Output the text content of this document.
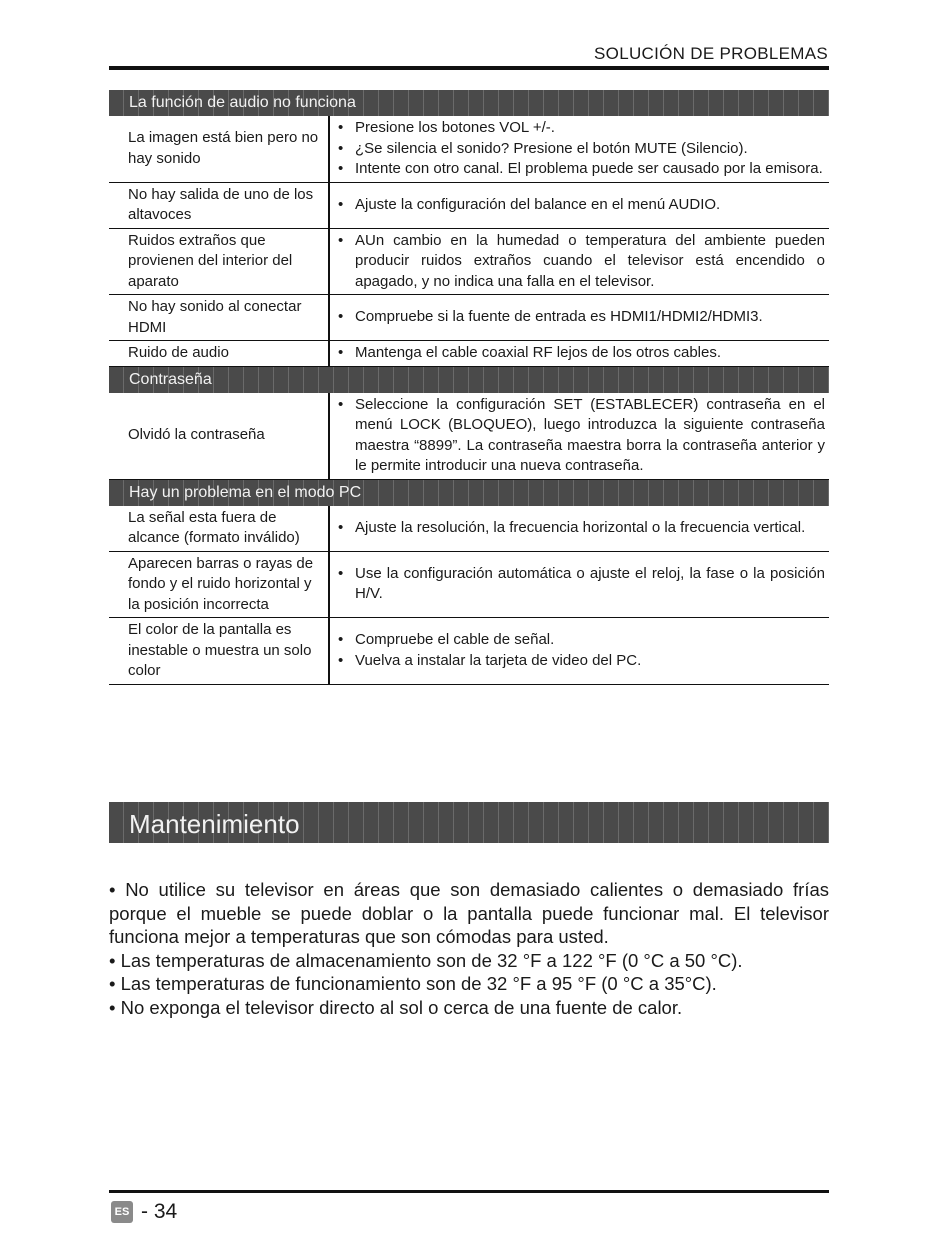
SOLUCIÓN DE PROBLEMAS
La función de audio no funciona
La imagen está bien pero no hay sonido
• Presione los botones VOL +/-.
• ¿Se silencia el sonido? Presione el botón MUTE (Silencio).
• Intente con otro canal. El problema puede ser causado por la emisora.
No hay salida de uno de los altavoces
• Ajuste la configuración del balance en el menú AUDIO.
Ruidos extraños que provienen del interior del aparato
• AUn cambio en la humedad o temperatura del ambiente pueden producir ruidos extraños cuando el televisor está encendido o apagado, y no indica una falla en el televisor.
No hay sonido al conectar HDMI
• Compruebe si la fuente de entrada es HDMI1/HDMI2/HDMI3.
Ruido de audio	• Mantenga el cable coaxial RF lejos de los otros cables.
Contraseña
Olvidó la contraseña
• Seleccione la configuración SET (ESTABLECER) contraseña en el menú LOCK (BLOQUEO), luego introduzca la siguiente contraseña maestra “8899”. La contraseña maestra borra la contraseña anterior y le permite introducir una nueva contraseña.
Hay un problema en el modo PC
La señal esta fuera de alcance (formato inválido)
• Ajuste la resolución, la frecuencia horizontal o la frecuencia vertical.
Aparecen barras o rayas de fondo y el ruido horizontal y la posición incorrecta
• Use la configuración automática o ajuste el reloj, la fase o la posición H/V.
El color de la pantalla es inestable o muestra un solo color
• Compruebe el cable de señal.
• Vuelva a instalar la tarjeta de video del PC.
Mantenimiento

• No utilice su televisor en áreas que son demasiado calientes o demasiado frías porque el mueble se puede doblar o la pantalla puede funcionar mal. El televisor funciona mejor a temperaturas que son cómodas para usted.

• Las temperaturas de almacenamiento son de 32 °F a 122 °F (0 °C a 50 °C).

• Las temperaturas de funcionamiento son de 32 °F a 95 °F (0 °C a 35°C).

• No exponga el televisor directo al sol o cerca de una fuente de calor.

ES - 34
